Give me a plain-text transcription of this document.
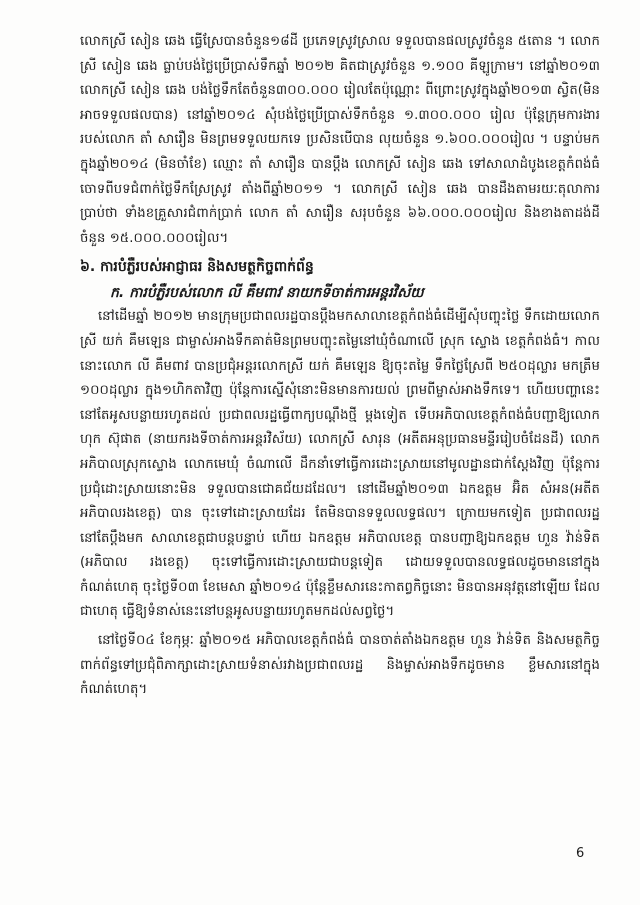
លោកស្រី សៀន ឆេង ធ្វើស្រែបានចំនួន១៨ដី ប្រភេទស្រូវស្រាល ទទួលបានផលស្រូវចំនួន ៥តោន ។ លោកស្រី សៀន ឆេង ធ្លាប់បង់ថ្លៃប្រើប្រាស់ទឹកឆ្នាំ ២០១២ គិតជាស្រូវចំនួន ១.១០០ គីឡូក្រាម។ នៅឆ្នាំ២០១៣ លោកស្រី សៀន ឆេង បង់ថ្លៃទឹកតែចំនួន៣០០.០០០ រៀលតែប៉ុណ្ណោះ ពីព្រោះស្រូវក្នុងឆ្នាំ២០១៣ ស្វិត(មិនអាចទទួលផលបាន) នៅឆ្នាំ២០១៤ សុំបង់ថ្លៃប្រើប្រាស់ទឹកចំនួន ១.៣០០.០០០ រៀល ប៉ុន្តែក្រុមការងាររបស់លោក តាំ សារឿន មិនព្រមទទួលយកទេ ប្រសិនបើបាន លុយចំនួន ១.៦០០.០០០រៀល ។ បន្ទាប់មកក្នុងឆ្នាំ២០១៤ (មិនចាំខែ) ឈ្មោះ តាំ សារឿន បានប្តឹង លោកស្រី សៀន ឆេង ទៅសាលាដំបូងខេត្តកំពង់ធំ ចោទពីបទជំពាក់ថ្លៃទឹកស្រែស្រូវ តាំងពីឆ្នាំ២០១១ ។ លោកស្រី សៀន ឆេង បានដឹងតាមរយៈតុលាការប្រាប់ថា ទាំងខគ្រួសារជំពាក់ប្រាក់ លោក តាំ សារឿន សរុបចំនួន ៦៦.០០០.០០០រៀល និងខាងតាដង់ដីចំនួន ១៥.០០០.០០០រៀល។

៦. ការបំភ្លឺរបស់អាជ្ញាធរ និងសមត្ថកិច្ចពាក់ព័ន្ធ
ក. ការបំភ្លឺរបស់លោក លី គឹមពាវ នាយកទីចាត់ការអន្តរវិស័យ

នៅដើមឆ្នាំ ២០១២ មានក្រុមប្រជាពលរដ្ឋបានប្តឹងមកសាលាខេត្តកំពង់ធំដើម្បីសុំបញ្ចុះថ្លៃ ទឹកដោយលោកស្រី យក់ គឹមឡេន ជាម្ចាស់អាងទឹកគាត់មិនព្រមបញ្ចុះតម្លៃនៅឃុំចំណាលើ ស្រុក ស្ទោង ខេត្តកំពង់ធំ។ កាលនោះលោក លី គឹមពាវ បានប្រជុំអន្តរលោកស្រី យក់ គឹមឡេន ឱ្យចុះតម្លៃ ទឹកថ្លៃស្រែពី ២៥០ដុល្លារ មកត្រឹម ១០០ដុល្លារ ក្នុង១ហិកតាវិញ ប៉ុន្តែការស្នើសុំនោះមិនមានការយល់ ព្រមពីម្ចាស់អាងទឹកទេ។ ហើយបញ្ហានេះនៅតែអូសបន្លាយរហូតដល់ ប្រជាពលរដ្ឋធ្វើពាក្យបណ្តឹងថ្មី ម្តងទៀត ទើបអភិបាលខេត្តកំពង់ធំបញ្ជាឱ្យលោក ហុក ស៊ុផាត (នាយករងទីចាត់ការអន្តរវិស័យ) លោកស្រី សារុន (អតីតអនុប្រធានមន្ទីររៀបចំដែនដី) លោកអភិបាលស្រុកស្ទោង លោកមេឃុំ ចំណាលើ ដឹកនាំទៅធ្វើការដោះស្រាយនៅមូលដ្ឋានជាក់ស្តែងវិញ ប៉ុន្តែការប្រជុំដោះស្រាយនោះមិន ទទួលបានជោគជ័យដដែល។ នៅដើមឆ្នាំ២០១៣ ឯកឧត្តម អ៊ិត សំអន(អតីតអភិបាលរងខេត្ត) បាន ចុះទៅដោះស្រាយដែរ តែមិនបានទទួលលទ្ធផល។ ក្រោយមកទៀត ប្រជាពលរដ្ឋនៅតែប្តឹងមក សាលាខេត្តជាបន្តបន្ទាប់ ហើយ ឯកឧត្តម អភិបាលខេត្ត បានបញ្ជាឱ្យឯកឧត្តម ហួន វ៉ាន់ទិត (អភិបាល រងខេត្ត) ចុះទៅធ្វើការដោះស្រាយជាបន្តទៀត ដោយទទួលបានលទ្ធផលដូចមាននៅក្នុងកំណត់ហេតុ ចុះថ្ងៃទី០៣ ខែមេសា ឆ្នាំ២០១៤ ប៉ុន្តែខ្លឹមសារនេះកាតព្វកិច្ចនោះ មិនបានអនុវត្តនៅឡើយ ដែលជាហេតុ ធ្វើឱ្យទំនាស់នេះនៅបន្តអូសបន្លាយរហូតមកដល់សព្វថ្ងៃ។

នៅថ្ងៃទី០៤ ខែកុម្ភៈ ឆ្នាំ២០១៥ អភិបាលខេត្តកំពង់ធំ បានចាត់តាំងឯកឧត្តម ហួន វ៉ាន់ទិត និងសមត្ថកិច្ចពាក់ព័ន្ធទៅប្រជុំពិភាក្សាដោះស្រាយទំនាស់រវាងប្រជាពលរដ្ឋ និងម្ចាស់អាងទឹកដូចមាន ខ្លឹមសារនៅក្នុងកំណត់ហេតុ។

6
